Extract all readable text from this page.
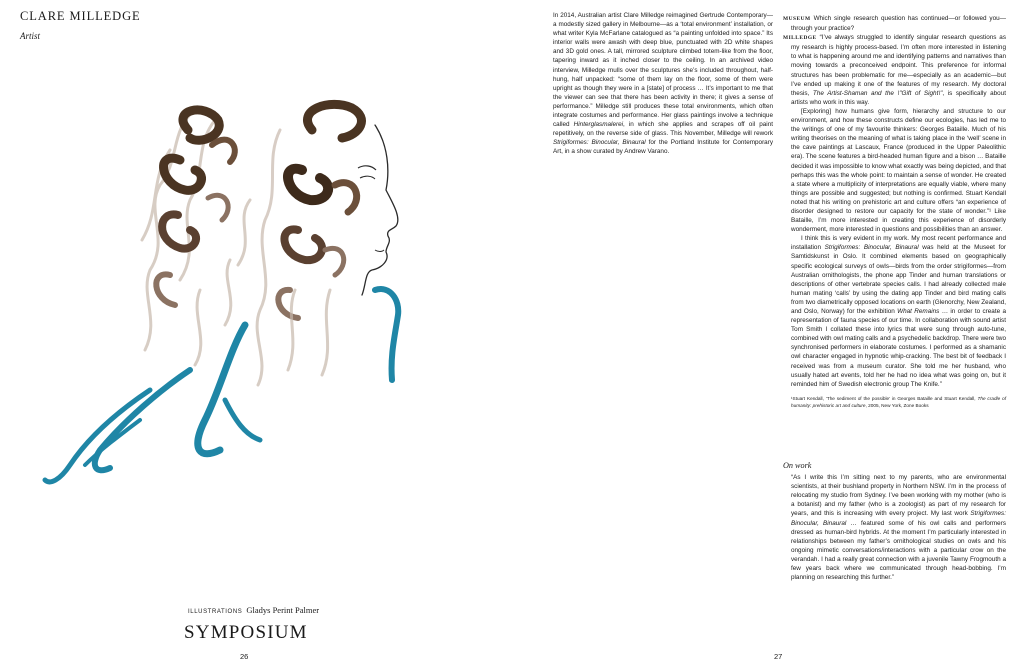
CLARE MILLEDGE
Artist
ILLUSTRATIONS Gladys Perint Palmer
SYMPOSIUM
26

In 2014, Australian artist Clare Milledge reimagined Gertrude Contemporary—a modestly sized gallery in Melbourne—as a ‘total environment’ installation, or what writer Kyla McFarlane catalogued as “a painting unfolded into space.” Its interior walls were awash with deep blue, punctuated with 2D white shapes and 3D gold ones. A tall, mirrored sculpture climbed totem-like from the floor, tapering inward as it inched closer to the ceiling. In an archived video interview, Milledge mulls over the sculptures she’s included throughout, half-hung, half unpacked: “some of them lay on the floor, some of them were upright as though they were in a [state] of process … It’s important to me that the viewer can see that there has been activity in there; it gives a sense of performance.” Milledge still produces these total environments, which often integrate costumes and performance. Her glass paintings involve a technique called Hinterglasmalerei, in which she applies and scrapes off oil paint repetitively, on the reverse side of glass. This November, Milledge will rework Strigiformes: Binocular, Binaural for the Portland Institute for Contemporary Art, in a show curated by Andrew Varano.

MUSEUM Which single research question has continued—or followed you—through your practice?

MILLEDGE “I’ve always struggled to identify singular research questions as my research is highly process-based. I’m often more interested in listening to what is happening around me and identifying patterns and narratives than moving towards a preconceived endpoint. This preference for informal structures has been problematic for me—especially as an academic—but I’ve ended up making it one of the features of my research. My doctoral thesis, The Artist-Shaman and the \"Gift of Sight\", is specifically about artists who work in this way.

[Exploring] how humans give form, hierarchy and structure to our environment, and how these constructs define our ecologies, has led me to the writings of one of my favourite thinkers: Georges Bataille. Much of his writing theorises on the meaning of what is taking place in the ‘well’ scene in the cave paintings at Lascaux, France (produced in the Upper Paleolithic era). The scene features a bird-headed human figure and a bison … Bataille decided it was impossible to know what exactly was being depicted, and that perhaps this was the whole point: to maintain a sense of wonder. He created a state where a multiplicity of interpretations are equally viable, where many things are possible and suggested; but nothing is confirmed. Stuart Kendall noted that his writing on prehistoric art and culture offers “an experience of disorder designed to restore our capacity for the state of wonder.”¹ Like Bataille, I’m more interested in creating this experience of disorderly wonderment, more interested in questions and possibilities than an answer.

I think this is very evident in my work. My most recent performance and installation Strigiformes: Binocular, Binaural was held at the Museet for Samtidskunst in Oslo. It combined elements based on geographically specific ecological surveys of owls—birds from the order strigiformes—from Australian ornithologists, the phone app Tinder and human translations or descriptions of other vertebrate species calls. I had already collected male human mating ‘calls’ by using the dating app Tinder and bird mating calls from two diametrically opposed locations on earth (Glenorchy, New Zealand, and Oslo, Norway) for the exhibition What Remains … in order to create a representation of fauna species of our time. In collaboration with sound artist Tom Smith I collated these into lyrics that were sung through auto-tune, combined with owl mating calls and a psychedelic backdrop. There were two synchronised performers in elaborate costumes. I performed as a shamanic owl character engaged in hypnotic whip-cracking. The best bit of feedback I received was from a museum curator. She told me her husband, who usually hated art events, told her he had no idea what was going on, but it reminded him of Swedish electronic group The Knife.”

¹Stuart Kendall, ‘The sediment of the possible’ in Georges Bataille and Stuart Kendall, The cradle of humanity: prehistoric art and culture, 2005, New York, Zone Books

On work

“As I write this I’m sitting next to my parents, who are environmental scientists, at their bushland property in Northern NSW. I’m in the process of relocating my studio from Sydney. I’ve been working with my mother (who is a botanist) and my father (who is a zoologist) as part of my research for years, and this is increasing with every project. My last work Strigiformes: Binocular, Binaural … featured some of his owl calls and performers dressed as human-bird hybrids. At the moment I’m particularly interested in relationships between my father’s ornithological studies on owls and his ongoing mimetic conversations/interactions with a particular crow on the verandah. I had a really great connection with a juvenile Tawny Frogmouth a few years back where we communicated through head-bobbing. I’m planning on researching this further.”

27
